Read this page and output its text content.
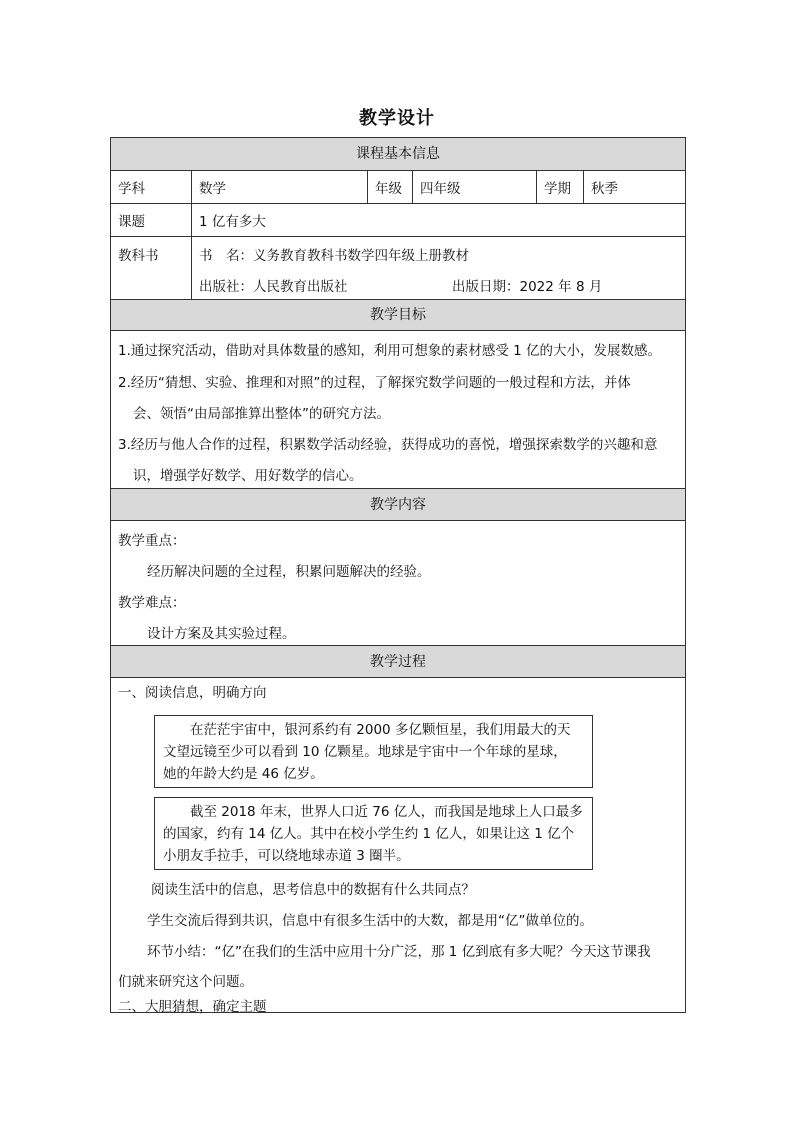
教学设计
课程基本信息
学科	数学	年级	四年级	学期	秋季
课题	1 亿有多大
教科书	书　名：义务教育教科书数学四年级上册教材
出版社：人民教育出版社	出版日期：2022 年 8 月
教学目标
1.通过探究活动，借助对具体数量的感知，利用可想象的素材感受 1 亿的大小，发展数感。
2.经历“猜想、实验、推理和对照”的过程，了解探究数学问题的一般过程和方法，并体
会、领悟“由局部推算出整体”的研究方法。
3.经历与他人合作的过程，积累数学活动经验，获得成功的喜悦，增强探索数学的兴趣和意
识，增强学好数学、用好数学的信心。
教学内容
教学重点：
经历解决问题的全过程，积累问题解决的经验。
教学难点：
设计方案及其实验过程。
教学过程
一、阅读信息，明确方向
　　在茫茫宇宙中，银河系约有 2000 多亿颗恒星，我们用最大的天
文望远镜至少可以看到 10 亿颗星。地球是宇宙中一个年球的星球，
她的年龄大约是 46 亿岁。
　　截至 2018 年末，世界人口近 76 亿人，而我国是地球上人口最多
的国家，约有 14 亿人。其中在校小学生约 1 亿人，如果让这 1 亿个
小朋友手拉手，可以绕地球赤道 3 圈半。
阅读生活中的信息，思考信息中的数据有什么共同点？
学生交流后得到共识，信息中有很多生活中的大数，都是用“亿”做单位的。
环节小结：“亿”在我们的生活中应用十分广泛，那 1 亿到底有多大呢？今天这节课我
们就来研究这个问题。
二、大胆猜想，确定主题
